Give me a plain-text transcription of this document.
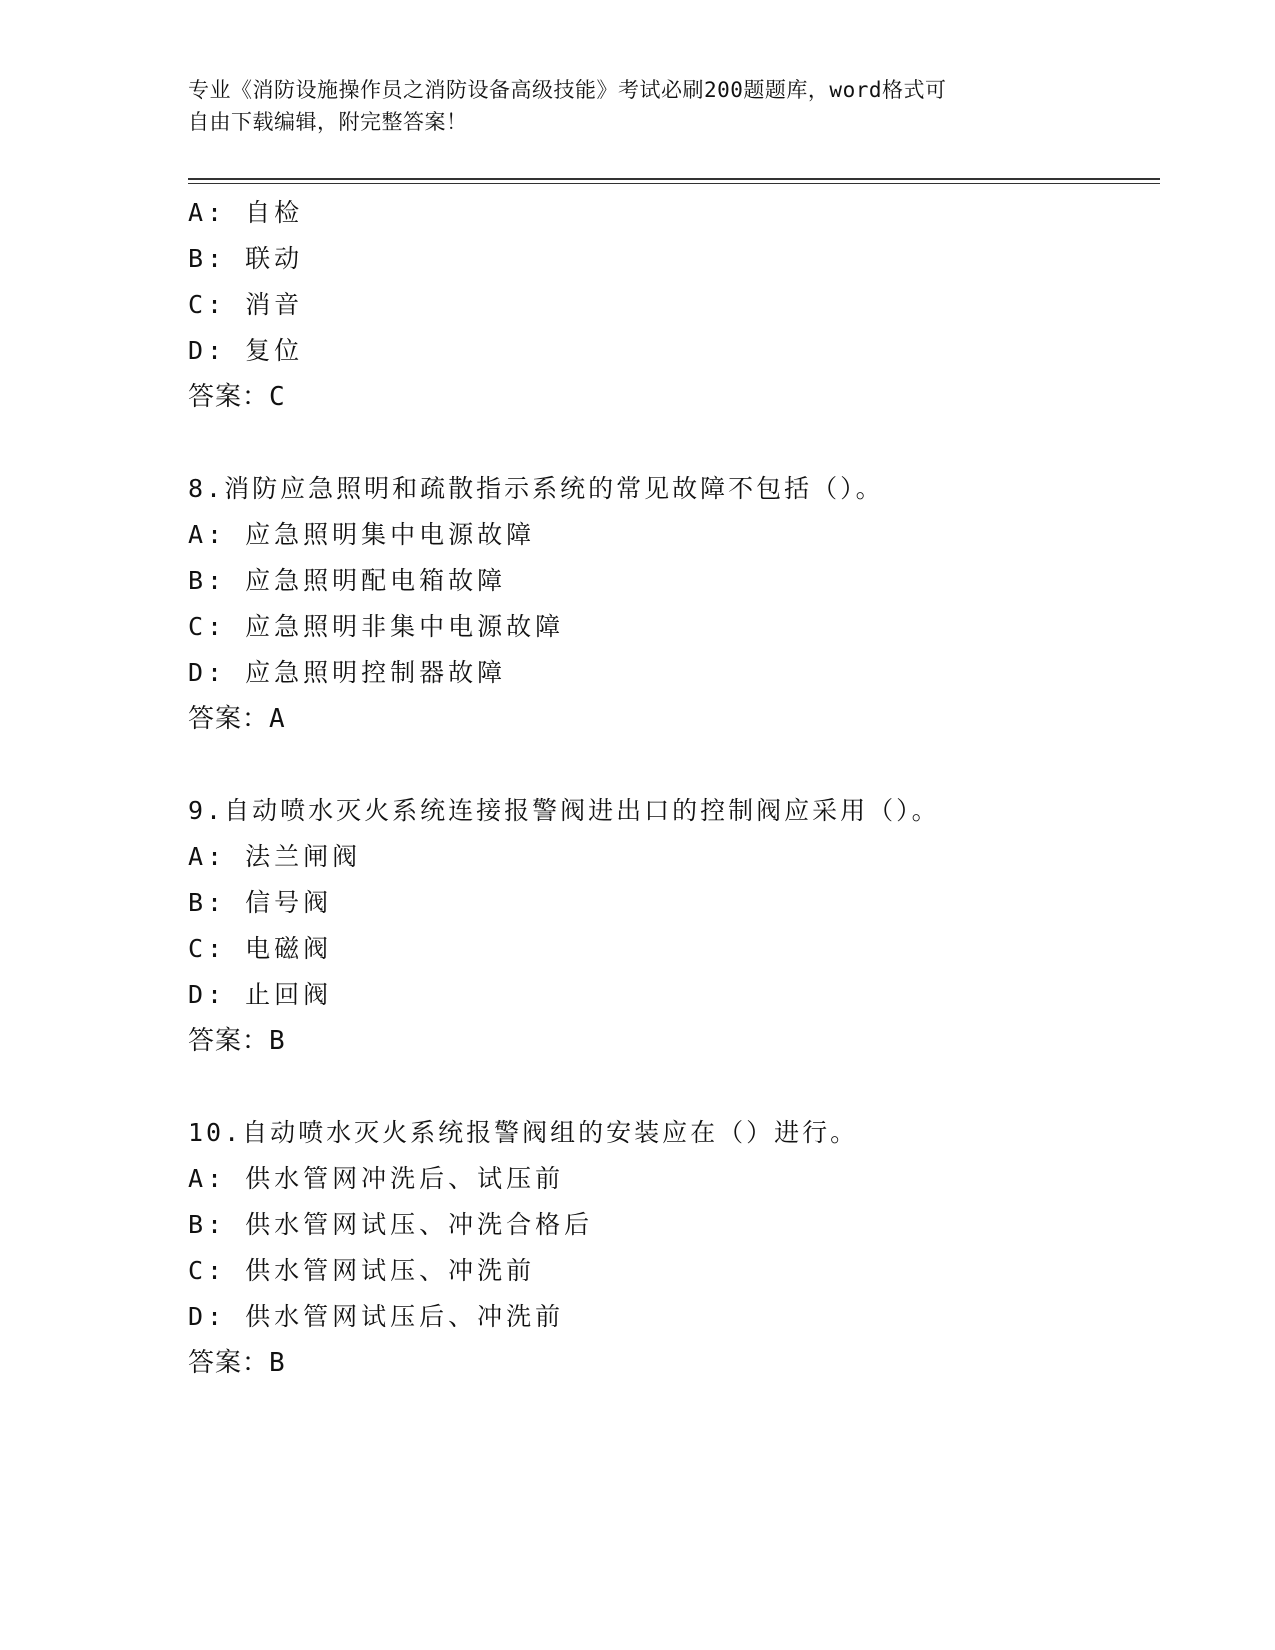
专业《消防设施操作员之消防设备高级技能》考试必刷200题题库，word格式可
自由下载编辑，附完整答案！
A: 自检
B: 联动
C: 消音
D: 复位
答案：C
8.消防应急照明和疏散指示系统的常见故障不包括（）。
A: 应急照明集中电源故障
B: 应急照明配电箱故障
C: 应急照明非集中电源故障
D: 应急照明控制器故障
答案：A
9.自动喷水灭火系统连接报警阀进出口的控制阀应采用（）。
A: 法兰闸阀
B: 信号阀
C: 电磁阀
D: 止回阀
答案：B
10.自动喷水灭火系统报警阀组的安装应在（）进行。
A: 供水管网冲洗后、试压前
B: 供水管网试压、冲洗合格后
C: 供水管网试压、冲洗前
D: 供水管网试压后、冲洗前
答案：B
